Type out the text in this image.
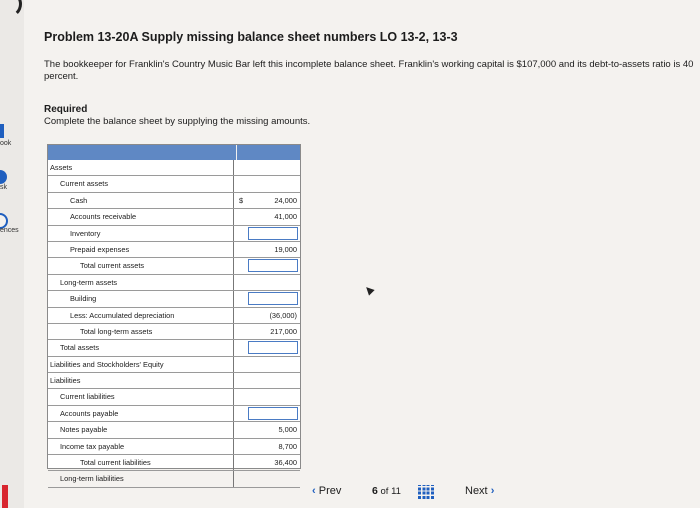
ook
sk
ences
Problem 13-20A Supply missing balance sheet numbers LO 13-2, 13-3
The bookkeeper for Franklin's Country Music Bar left this incomplete balance sheet. Franklin's working capital is $107,000 and its debt-to-assets ratio is 40 percent.
Required
Complete the balance sheet by supplying the missing amounts.
Assets
Current assets
Cash	$	24,000
Accounts receivable	41,000
Inventory
Prepaid expenses	19,000
Total current assets
Long-term assets
Building
Less: Accumulated depreciation	(36,000)
Total long-term assets	217,000
Total assets
Liabilities and Stockholders' Equity
Liabilities
Current liabilities
Accounts payable
Notes payable	5,000
Income tax payable	8,700
Total current liabilities	36,400
Long-term liabilities
‹ Prev	6 of 11	Next ›
